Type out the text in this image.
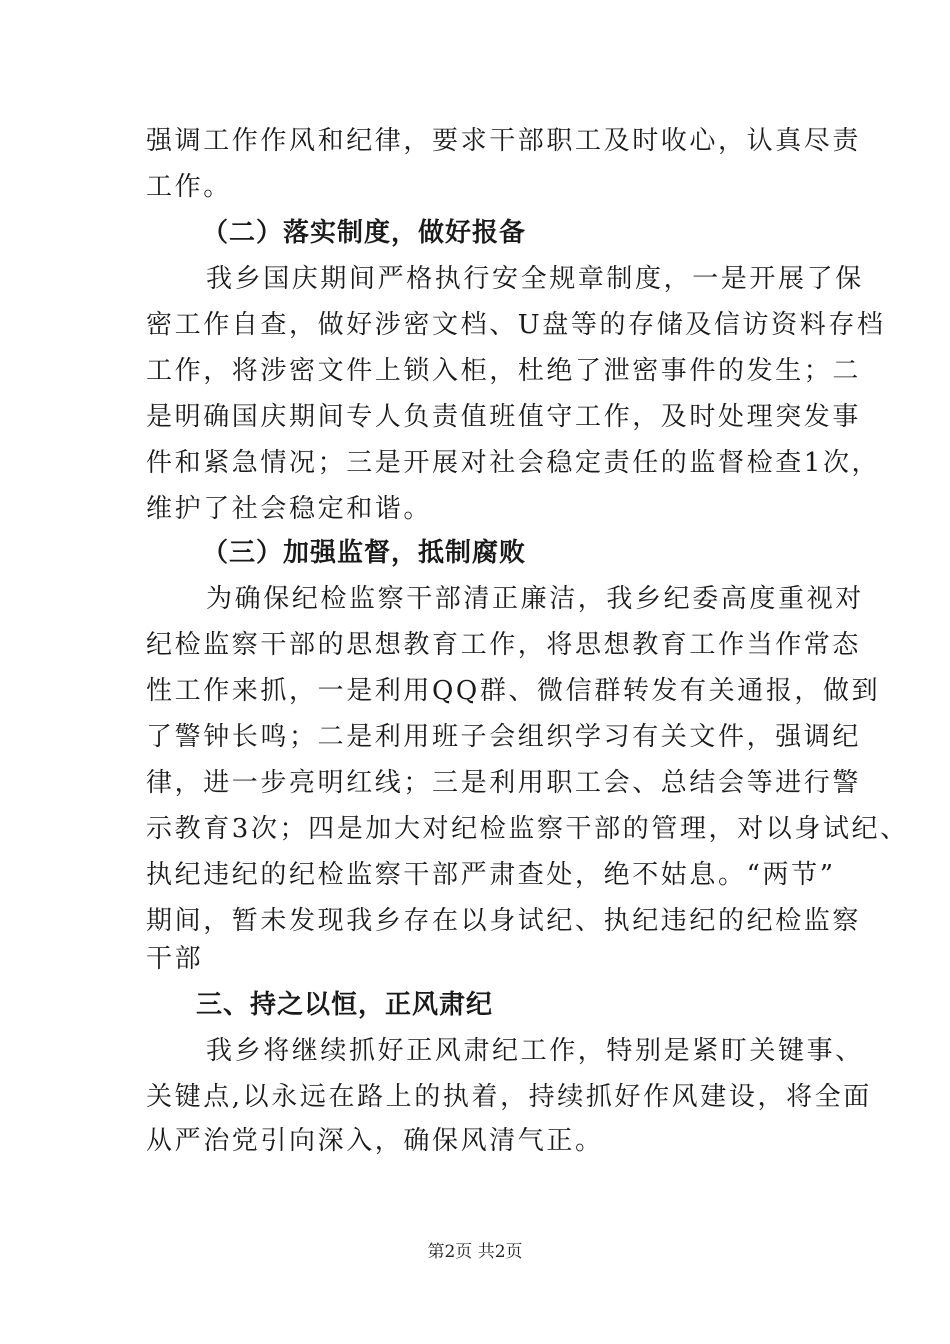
强调工作作风和纪律，要求干部职工及时收心，认真尽责
工作。
（二）落实制度，做好报备
我乡国庆期间严格执行安全规章制度，一是开展了保
密工作自查，做好涉密文档、U盘等的存储及信访资料存档
工作，将涉密文件上锁入柜，杜绝了泄密事件的发生；二
是明确国庆期间专人负责值班值守工作，及时处理突发事
件和紧急情况；三是开展对社会稳定责任的监督检查1次，
维护了社会稳定和谐。
（三）加强监督，抵制腐败
为确保纪检监察干部清正廉洁，我乡纪委高度重视对
纪检监察干部的思想教育工作，将思想教育工作当作常态
性工作来抓，一是利用QQ群、微信群转发有关通报，做到
了警钟长鸣；二是利用班子会组织学习有关文件，强调纪
律，进一步亮明红线；三是利用职工会、总结会等进行警
示教育3次；四是加大对纪检监察干部的管理，对以身试纪、
执纪违纪的纪检监察干部严肃查处，绝不姑息。“两节”
期间，暂未发现我乡存在以身试纪、执纪违纪的纪检监察
干部
三、持之以恒，正风肃纪
我乡将继续抓好正风肃纪工作，特别是紧盯关键事、
关键点,以永远在路上的执着，持续抓好作风建设，将全面
从严治党引向深入，确保风清气正。
第2页 共2页
